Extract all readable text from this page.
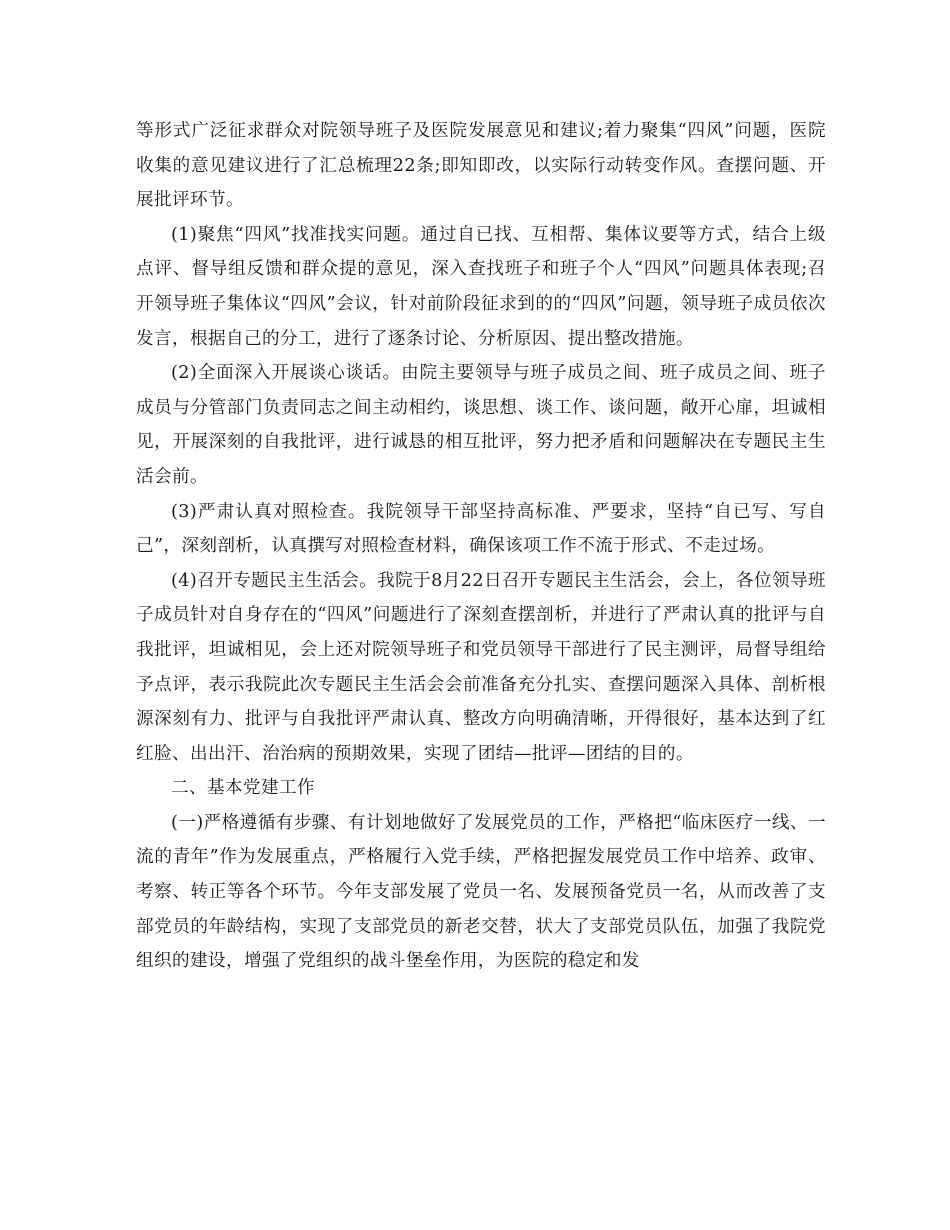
等形式广泛征求群众对院领导班子及医院发展意见和建议;着力聚集“四风”问题，医院收集的意见建议进行了汇总梳理22条;即知即改，以实际行动转变作风。查摆问题、开展批评环节。

(1)聚焦“四风”找准找实问题。通过自已找、互相帮、集体议要等方式，结合上级点评、督导组反馈和群众提的意见，深入查找班子和班子个人“四风”问题具体表现;召开领导班子集体议“四风”会议，针对前阶段征求到的的“四风”问题，领导班子成员依次发言，根据自己的分工，进行了逐条讨论、分析原因、提出整改措施。

(2)全面深入开展谈心谈话。由院主要领导与班子成员之间、班子成员之间、班子成员与分管部门负责同志之间主动相约，谈思想、谈工作、谈问题，敞开心扉，坦诚相见，开展深刻的自我批评，进行诚恳的相互批评，努力把矛盾和问题解决在专题民主生活会前。

(3)严肃认真对照检查。我院领导干部坚持高标准、严要求，坚持“自已写、写自己”，深刻剖析，认真撰写对照检查材料，确保该项工作不流于形式、不走过场。

(4)召开专题民主生活会。我院于8月22日召开专题民主生活会，会上，各位领导班子成员针对自身存在的“四风”问题进行了深刻查摆剖析，并进行了严肃认真的批评与自我批评，坦诚相见，会上还对院领导班子和党员领导干部进行了民主测评，局督导组给予点评，表示我院此次专题民主生活会会前准备充分扎实、查摆问题深入具体、剖析根源深刻有力、批评与自我批评严肃认真、整改方向明确清晰，开得很好，基本达到了红红脸、出出汗、治治病的预期效果，实现了团结—批评—团结的目的。

二、基本党建工作

(一)严格遵循有步骤、有计划地做好了发展党员的工作，严格把“临床医疗一线、一流的青年”作为发展重点，严格履行入党手续，严格把握发展党员工作中培养、政审、考察、转正等各个环节。今年支部发展了党员一名、发展预备党员一名，从而改善了支部党员的年龄结构，实现了支部党员的新老交替，状大了支部党员队伍，加强了我院党组织的建设，增强了党组织的战斗堡垒作用，为医院的稳定和发
